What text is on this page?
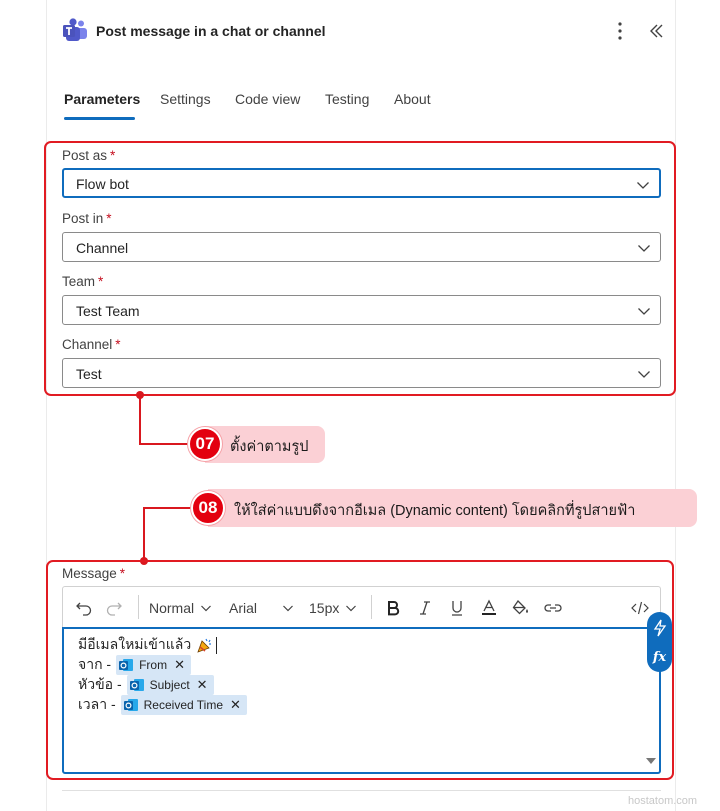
Post message in a chat or channel
Parameters Settings Code view Testing About
Post as *
Flow bot
Post in *
Channel
Team *
Test Team
Channel *
Test
ตั้งค่าตามรูป
07
ให้ใส่ค่าแบบดึงจากอีเมล (Dynamic content) โดยคลิกที่รูปสายฟ้า
08
Message *
Normal Arial	15px
มีอีเมลใหม่เข้าแล้ว
จาก - From ✕
หัวข้อ - Subject ✕
เวลา - Received Time ✕
fx
hostatom.com
